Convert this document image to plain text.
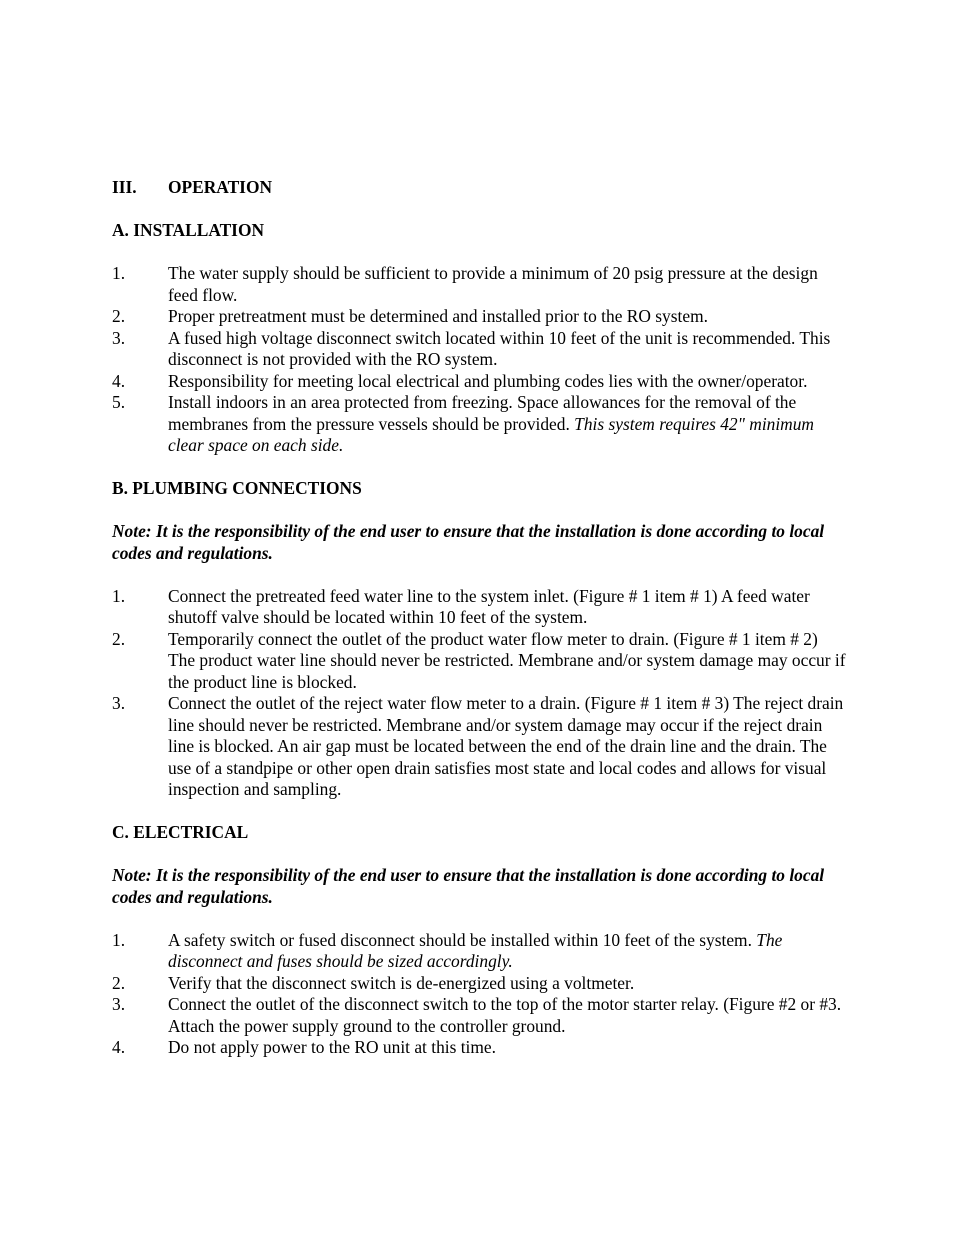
III. OPERATION

A. INSTALLATION

1. The water supply should be sufficient to provide a minimum of 20 psig pressure at the design feed flow.
2. Proper pretreatment must be determined and installed prior to the RO system.
3. A fused high voltage disconnect switch located within 10 feet of the unit is recommended. This disconnect is not provided with the RO system.
4. Responsibility for meeting local electrical and plumbing codes lies with the owner/operator.
5. Install indoors in an area protected from freezing. Space allowances for the removal of the membranes from the pressure vessels should be provided. This system requires 42" minimum clear space on each side.

B. PLUMBING CONNECTIONS

Note: It is the responsibility of the end user to ensure that the installation is done according to local codes and regulations.

1. Connect the pretreated feed water line to the system inlet. (Figure # 1 item # 1) A feed water shutoff valve should be located within 10 feet of the system.
2. Temporarily connect the outlet of the product water flow meter to drain. (Figure # 1 item # 2) The product water line should never be restricted. Membrane and/or system damage may occur if the product line is blocked.
3. Connect the outlet of the reject water flow meter to a drain. (Figure # 1 item # 3) The reject drain line should never be restricted. Membrane and/or system damage may occur if the reject drain line is blocked. An air gap must be located between the end of the drain line and the drain. The use of a standpipe or other open drain satisfies most state and local codes and allows for visual inspection and sampling.

C. ELECTRICAL

Note: It is the responsibility of the end user to ensure that the installation is done according to local codes and regulations.

1. A safety switch or fused disconnect should be installed within 10 feet of the system. The disconnect and fuses should be sized accordingly.
2. Verify that the disconnect switch is de-energized using a voltmeter.
3. Connect the outlet of the disconnect switch to the top of the motor starter relay. (Figure #2 or #3. Attach the power supply ground to the controller ground.
4. Do not apply power to the RO unit at this time.
